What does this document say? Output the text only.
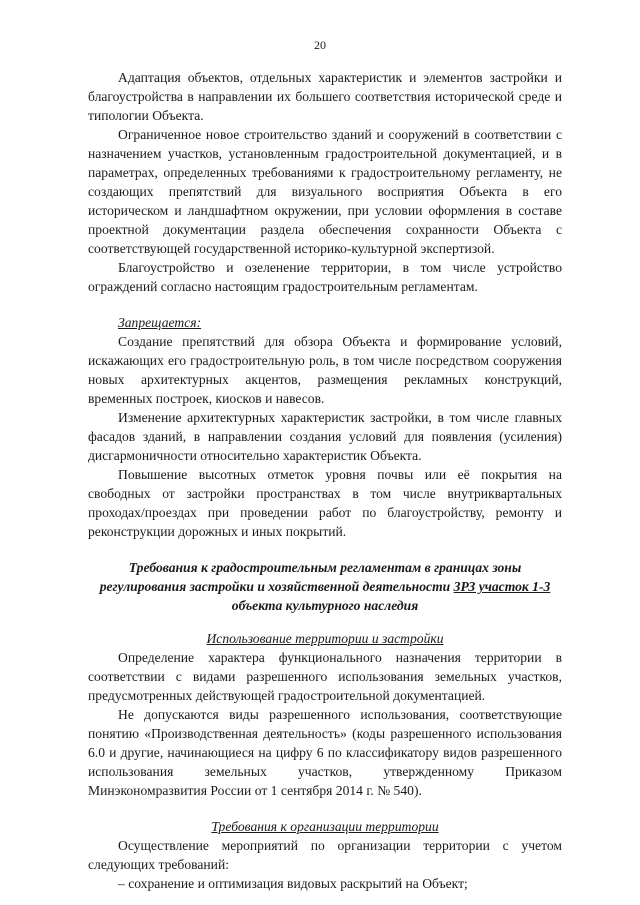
20

Адаптация объектов, отдельных характеристик и элементов застройки и благоустройства в направлении их большего соответствия исторической среде и типологии Объекта.

Ограниченное новое строительство зданий и сооружений в соответствии с назначением участков, установленным градостроительной документацией, и в параметрах, определенных требованиями к градостроительному регламенту, не создающих препятствий для визуального восприятия Объекта в его историческом и ландшафтном окружении, при условии оформления в составе проектной документации раздела обеспечения сохранности Объекта с соответствующей государственной историко-культурной экспертизой.

Благоустройство и озеленение территории, в том числе устройство ограждений согласно настоящим градостроительным регламентам.

Запрещается:

Создание препятствий для обзора Объекта и формирование условий, искажающих его градостроительную роль, в том числе посредством сооружения новых архитектурных акцентов, размещения рекламных конструкций, временных построек, киосков и навесов.

Изменение архитектурных характеристик застройки, в том числе главных фасадов зданий, в направлении создания условий для появления (усиления) дисгармоничности относительно характеристик Объекта.

Повышение высотных отметок уровня почвы или её покрытия на свободных от застройки пространствах в том числе внутриквартальных проходах/проездах при проведении работ по благоустройству, ремонту и реконструкции дорожных и иных покрытий.

Требования к градостроительным регламентам в границах зоны регулирования застройки и хозяйственной деятельности ЗРЗ участок 1-3 объекта культурного наследия

Использование территории и застройки

Определение характера функционального назначения территории в соответствии с видами разрешенного использования земельных участков, предусмотренных действующей градостроительной документацией.

Не допускаются виды разрешенного использования, соответствующие понятию «Производственная деятельность» (коды разрешенного использования 6.0 и другие, начинающиеся на цифру 6 по классификатору видов разрешенного использования земельных участков, утвержденному Приказом Минэкономразвития России от 1 сентября 2014 г. № 540).

Требования к организации территории

Осуществление мероприятий по организации территории с учетом следующих требований:

– сохранение и оптимизация видовых раскрытий на Объект;
